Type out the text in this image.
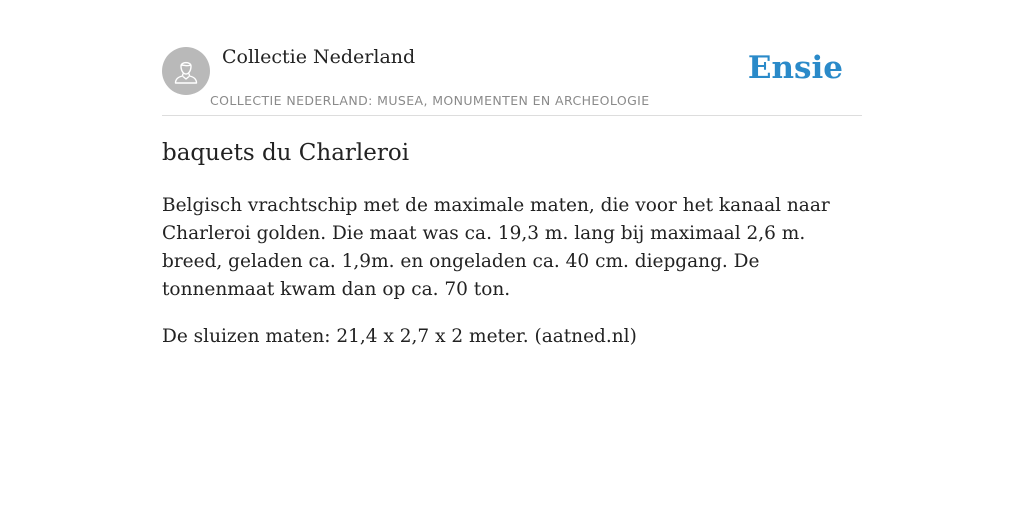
Collectie Nederland
COLLECTIE NEDERLAND: MUSEA, MONUMENTEN EN ARCHEOLOGIE
Ensie
baquets du Charleroi

Belgisch vrachtschip met de maximale maten, die voor het kanaal naar Charleroi golden. Die maat was ca. 19,3 m. lang bij maximaal 2,6 m. breed, geladen ca. 1,9m. en ongeladen ca. 40 cm. diepgang. De tonnenmaat kwam dan op ca. 70 ton.

De sluizen maten: 21,4 x 2,7 x 2 meter. (aatned.nl)
